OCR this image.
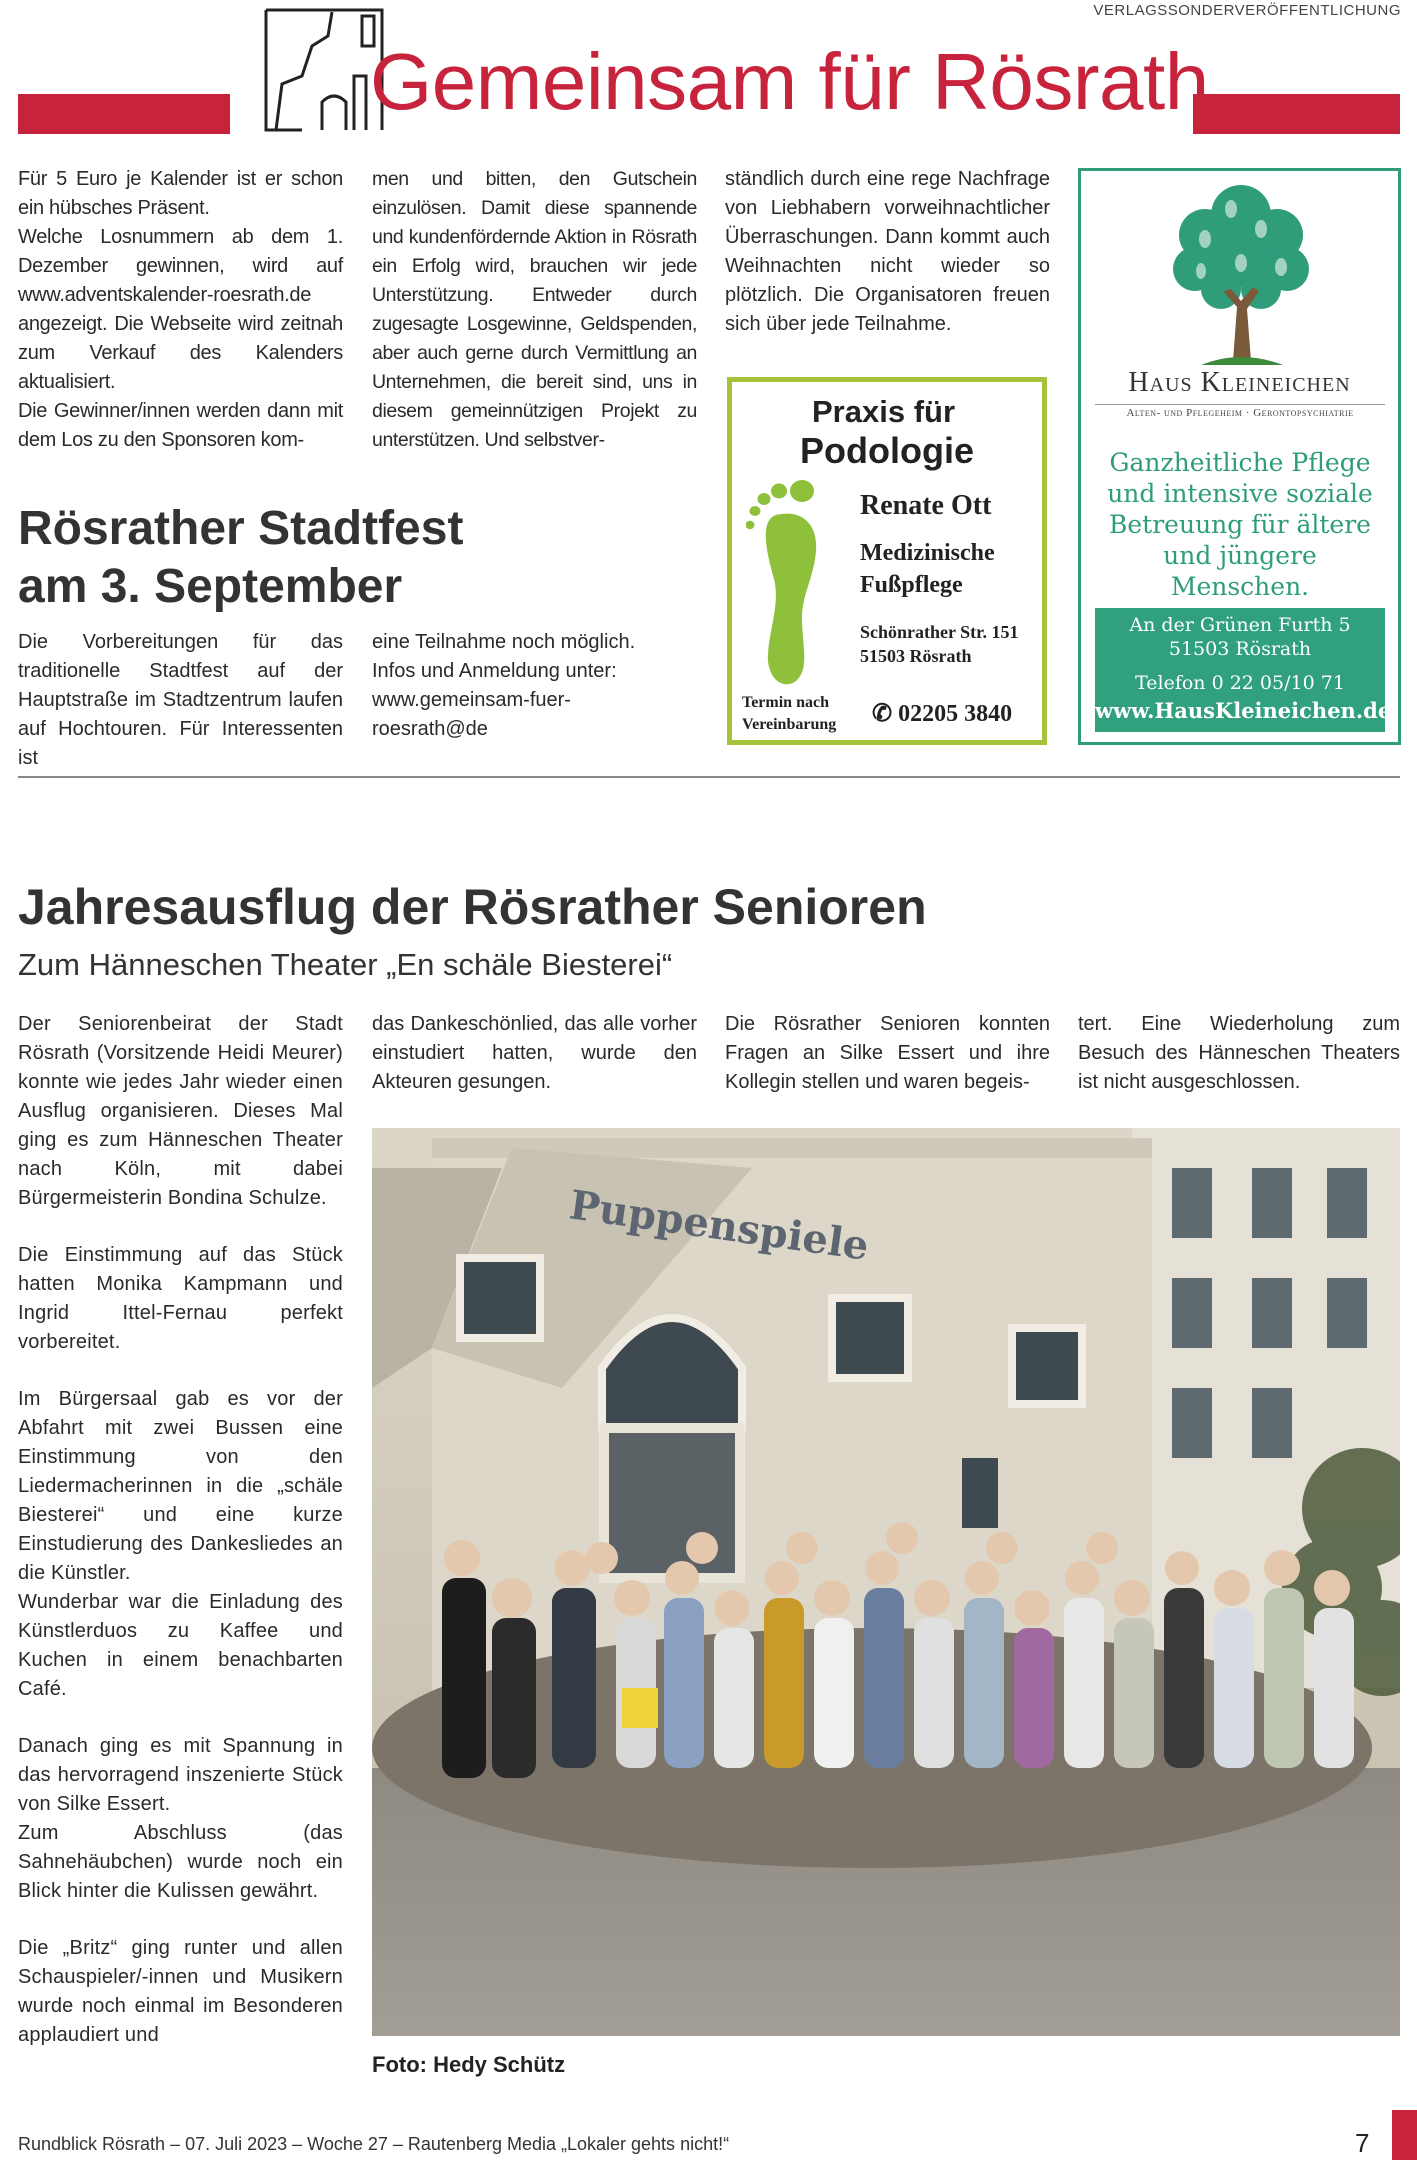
Gemeinsam für Rösrath
VERLAGSSONDERVERÖFFENTLICHUNG

Für 5 Euro je Kalender ist er schon ein hübsches Präsent.

Welche Losnummern ab dem 1. Dezember gewinnen, wird auf www.adventskalender-roesrath.de angezeigt. Die Webseite wird zeitnah zum Verkauf des Kalenders aktualisiert.

Die Gewinner/innen werden dann mit dem Los zu den Sponsoren kom-

men und bitten, den Gutschein einzulösen. Damit diese spannende und kundenfördernde Aktion in Rösrath ein Erfolg wird, brauchen wir jede Unterstützung. Entweder durch zugesagte Losgewinne, Geldspenden, aber auch gerne durch Vermittlung an Unternehmen, die bereit sind, uns in diesem gemeinnützigen Projekt zu unterstützen. Und selbstver-

ständlich durch eine rege Nachfrage von Liebhabern vorweihnachtlicher Überraschungen. Dann kommt auch Weihnachten nicht wieder so plötzlich. Die Organisatoren freuen sich über jede Teilnahme.

Rösrather Stadtfest
am 3. September

Die Vorbereitungen für das traditionelle Stadtfest auf der Hauptstraße im Stadtzentrum laufen auf Hochtouren. Für Interessenten ist

eine Teilnahme noch möglich.

Infos und Anmeldung unter:

www.gemeinsam-fuer-

roesrath@de

Praxis für
Podologie
Renate Ott
Medizinische
Fußpflege
Schönrather Str. 151
51503 Rösrath
Termin nach
Vereinbarung ✆ 02205 3840
Haus Kleineichen
Alten- und Pflegeheim · Gerontopsychiatrie
Ganzheitliche Pflege und intensive soziale Betreuung für ältere und jüngere Menschen.
An der Grünen Furth 5
51503 Rösrath
Telefon 0 22 05/10 71
www.HausKleineichen.de
Jahresausflug der Rösrather Senioren
Zum Hänneschen Theater „En schäle Biesterei“

Der Seniorenbeirat der Stadt Rösrath (Vorsitzende Heidi Meurer) konnte wie jedes Jahr wieder einen Ausflug organisieren. Dieses Mal ging es zum Hänneschen Theater nach Köln, mit dabei Bürgermeisterin Bondina Schulze.

Die Einstimmung auf das Stück hatten Monika Kampmann und Ingrid Ittel-Fernau perfekt vorbereitet.

Im Bürgersaal gab es vor der Abfahrt mit zwei Bussen eine Einstimmung von den Liedermacherinnen in die „schäle Biesterei“ und eine kurze Einstudierung des Dankesliedes an die Künstler.

Wunderbar war die Einladung des Künstlerduos zu Kaffee und Kuchen in einem benachbarten Café.

Danach ging es mit Spannung in das hervorragend inszenierte Stück von Silke Essert.

Zum Abschluss (das Sahnehäubchen) wurde noch ein Blick hinter die Kulissen gewährt.

Die „Britz“ ging runter und allen Schauspieler/-innen und Musikern wurde noch einmal im Besonderen applaudiert und

das Dankeschönlied, das alle vorher einstudiert hatten, wurde den Akteuren gesungen.

Die Rösrather Senioren konnten Fragen an Silke Essert und ihre Kollegin stellen und waren begeis-

tert. Eine Wiederholung zum Besuch des Hänneschen Theaters ist nicht ausgeschlossen.

Puppenspiele
Foto: Hedy Schütz
Rundblick Rösrath – 07. Juli 2023 – Woche 27 – Rautenberg Media „Lokaler gehts nicht!“	7
